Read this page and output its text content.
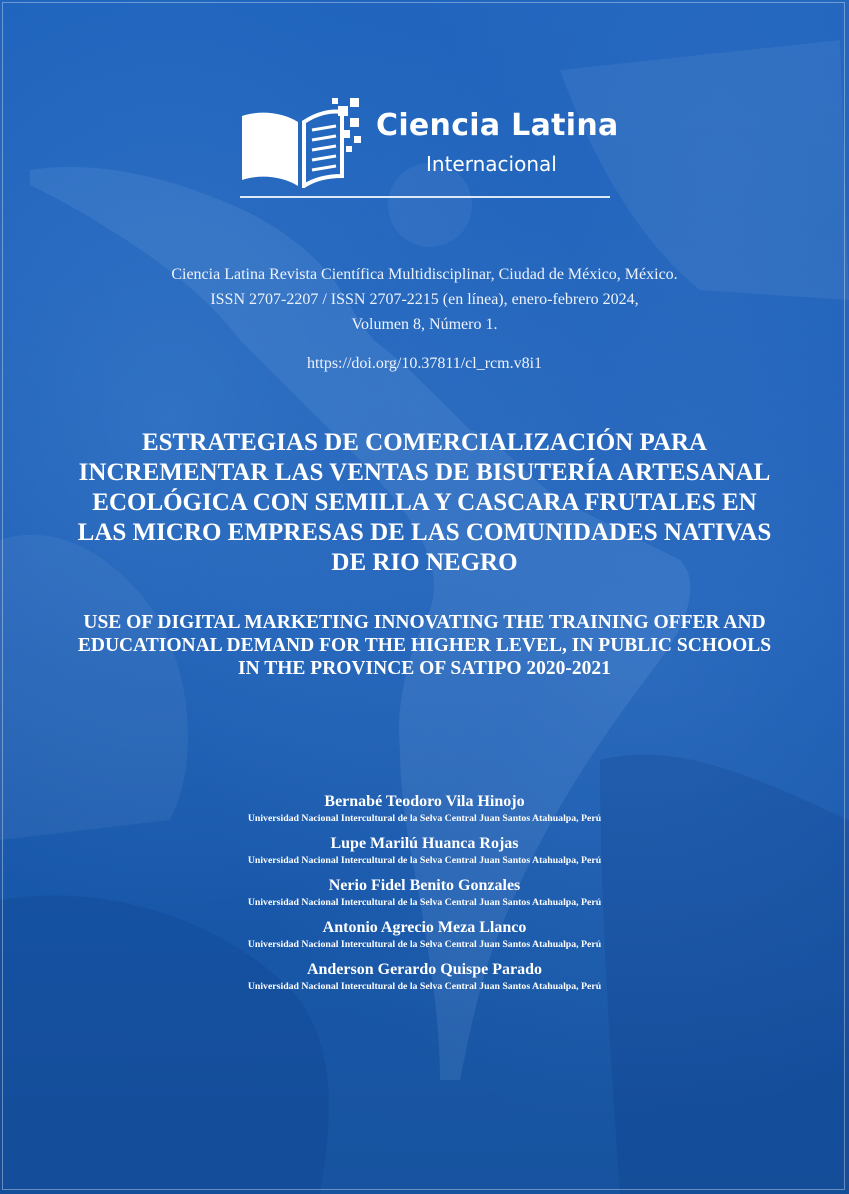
Ciencia Latina
Internacional
Ciencia Latina Revista Científica Multidisciplinar, Ciudad de México, México.
ISSN 2707-2207 / ISSN 2707-2215 (en línea), enero-febrero 2024,
Volumen 8, Número 1.
https://doi.org/10.37811/cl_rcm.v8i1
ESTRATEGIAS DE COMERCIALIZACIÓN PARA INCREMENTAR LAS VENTAS DE BISUTERÍA ARTESANAL ECOLÓGICA CON SEMILLA Y CASCARA FRUTALES EN LAS MICRO EMPRESAS DE LAS COMUNIDADES NATIVAS DE RIO NEGRO
USE OF DIGITAL MARKETING INNOVATING THE TRAINING OFFER AND EDUCATIONAL DEMAND FOR THE HIGHER LEVEL, IN PUBLIC SCHOOLS IN THE PROVINCE OF SATIPO 2020-2021
Bernabé Teodoro Vila Hinojo
Universidad Nacional Intercultural de la Selva Central Juan Santos Atahualpa, Perú
Lupe Marilú Huanca Rojas
Universidad Nacional Intercultural de la Selva Central Juan Santos Atahualpa, Perú
Nerio Fidel Benito Gonzales
Universidad Nacional Intercultural de la Selva Central Juan Santos Atahualpa, Perú
Antonio Agrecio Meza Llanco
Universidad Nacional Intercultural de la Selva Central Juan Santos Atahualpa, Perú
Anderson Gerardo Quispe Parado
Universidad Nacional Intercultural de la Selva Central Juan Santos Atahualpa, Perú
